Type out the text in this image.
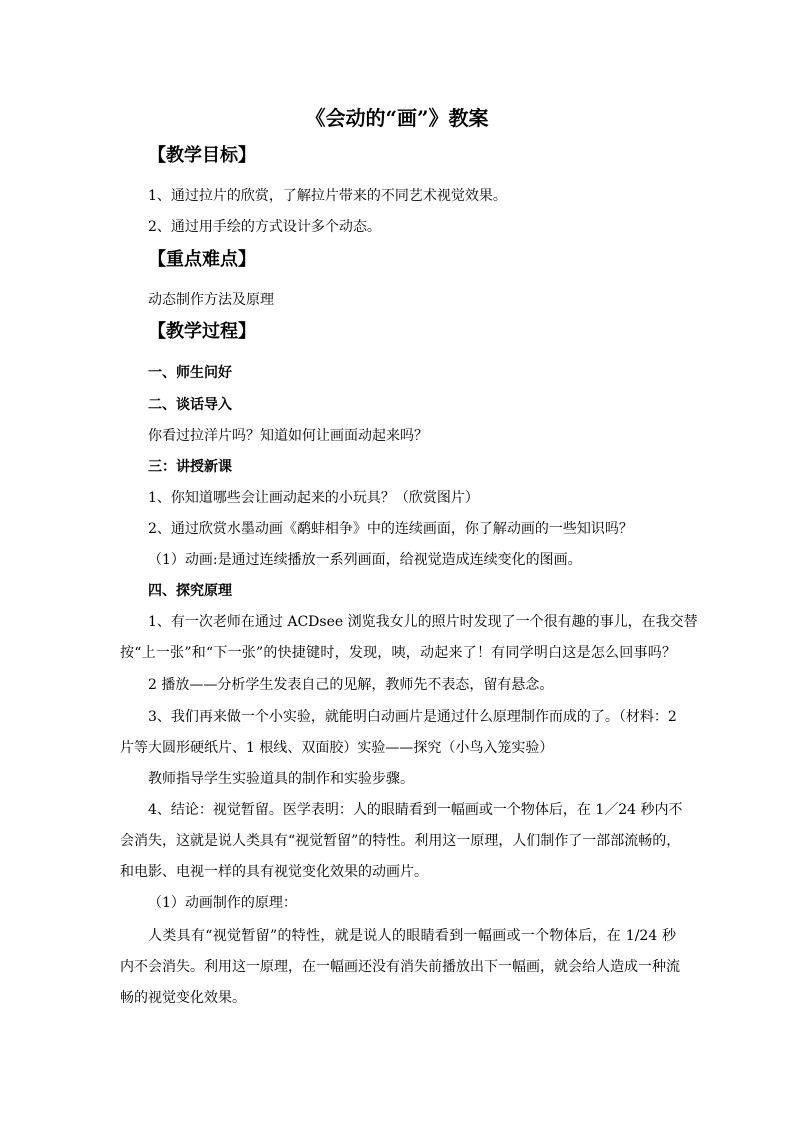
《会动的“画”》教案
【教学目标】
1、通过拉片的欣赏，了解拉片带来的不同艺术视觉效果。
2、通过用手绘的方式设计多个动态。
【重点难点】
动态制作方法及原理
【教学过程】
一、师生问好
二、谈话导入
你看过拉洋片吗？知道如何让画面动起来吗？
三：讲授新课
1、你知道哪些会让画动起来的小玩具？（欣赏图片）
2、通过欣赏水墨动画《鹬蚌相争》中的连续画面，你了解动画的一些知识吗？
（1）动画:是通过连续播放一系列画面，给视觉造成连续变化的图画。
四、探究原理
1、有一次老师在通过 ACDsee 浏览我女儿的照片时发现了一个很有趣的事儿，在我交替
按“上一张”和“下一张”的快捷键时，发现，咦，动起来了！有同学明白这是怎么回事吗？
2 播放——分析学生发表自己的见解，教师先不表态，留有悬念。
3、我们再来做一个小实验，就能明白动画片是通过什么原理制作而成的了。（材料：2
片等大圆形硬纸片、1 根线、双面胶）实验——探究（小鸟入笼实验）
教师指导学生实验道具的制作和实验步骤。
4、结论：视觉暂留。医学表明：人的眼睛看到一幅画或一个物体后，在 1／24 秒内不
会消失，这就是说人类具有“视觉暂留”的特性。利用这一原理，人们制作了一部部流畅的，
和电影、电视一样的具有视觉变化效果的动画片。
（1）动画制作的原理：
人类具有“视觉暂留”的特性，就是说人的眼睛看到一幅画或一个物体后，在 1/24 秒
内不会消失。利用这一原理，在一幅画还没有消失前播放出下一幅画，就会给人造成一种流
畅的视觉变化效果。
